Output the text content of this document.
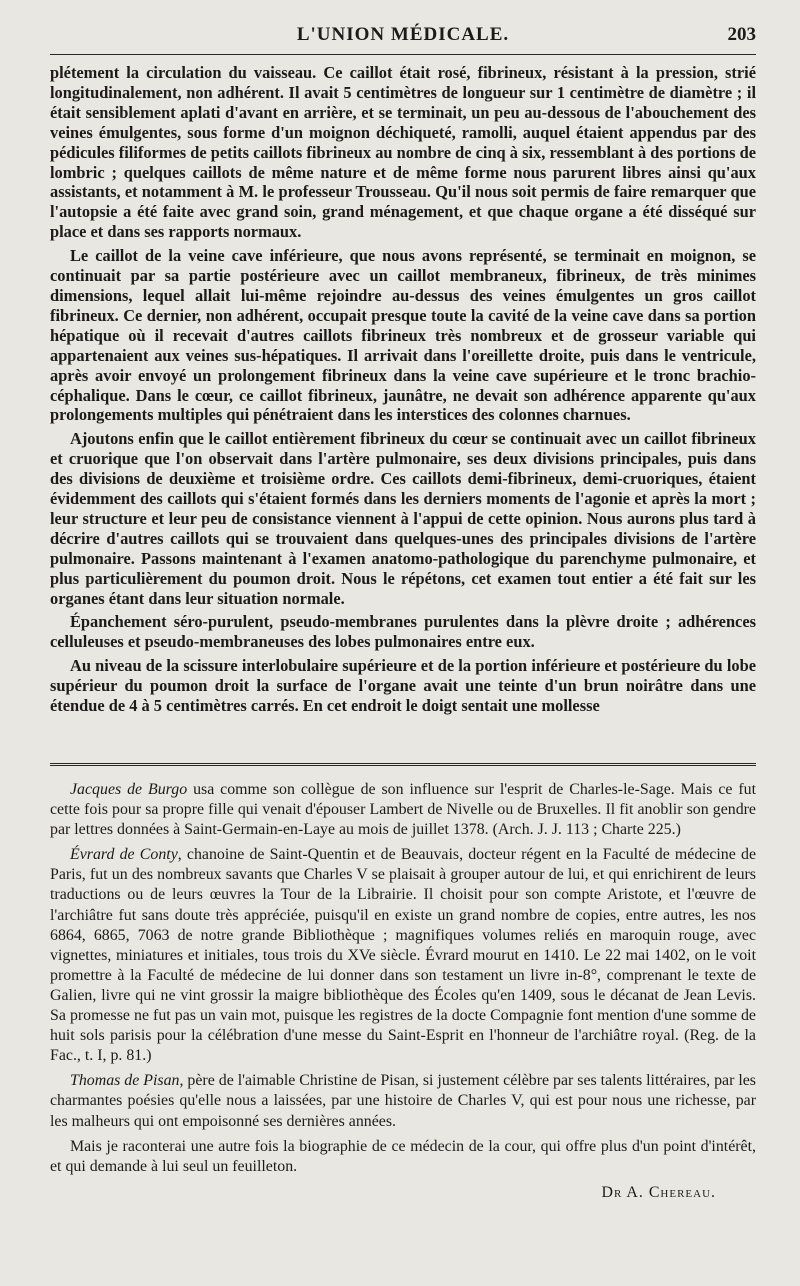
L'UNION MÉDICALE.	203

plétement la circulation du vaisseau. Ce caillot était rosé, fibrineux, résistant à la pression, strié longitudinalement, non adhérent. Il avait 5 centimètres de longueur sur 1 centimètre de diamètre ; il était sensiblement aplati d'avant en arrière, et se terminait, un peu au-dessous de l'abouchement des veines émulgentes, sous forme d'un moignon déchiqueté, ramolli, auquel étaient appendus par des pédicules filiformes de petits caillots fibrineux au nombre de cinq à six, ressemblant à des portions de lombric ; quelques caillots de même nature et de même forme nous parurent libres ainsi qu'aux assistants, et notamment à M. le professeur Trousseau. Qu'il nous soit permis de faire remarquer que l'autopsie a été faite avec grand soin, grand ménagement, et que chaque organe a été disséqué sur place et dans ses rapports normaux.

Le caillot de la veine cave inférieure, que nous avons représenté, se terminait en moignon, se continuait par sa partie postérieure avec un caillot membraneux, fibrineux, de très minimes dimensions, lequel allait lui-même rejoindre au-dessus des veines émulgentes un gros caillot fibrineux. Ce dernier, non adhérent, occupait presque toute la cavité de la veine cave dans sa portion hépatique où il recevait d'autres caillots fibrineux très nombreux et de grosseur variable qui appartenaient aux veines sus-hépatiques. Il arrivait dans l'oreillette droite, puis dans le ventricule, après avoir envoyé un prolongement fibrineux dans la veine cave supérieure et le tronc brachio-céphalique. Dans le cœur, ce caillot fibrineux, jaunâtre, ne devait son adhérence apparente qu'aux prolongements multiples qui pénétraient dans les interstices des colonnes charnues.

Ajoutons enfin que le caillot entièrement fibrineux du cœur se continuait avec un caillot fibrineux et cruorique que l'on observait dans l'artère pulmonaire, ses deux divisions principales, puis dans des divisions de deuxième et troisième ordre. Ces caillots demi-fibrineux, demi-cruoriques, étaient évidemment des caillots qui s'étaient formés dans les derniers moments de l'agonie et après la mort ; leur structure et leur peu de consistance viennent à l'appui de cette opinion. Nous aurons plus tard à décrire d'autres caillots qui se trouvaient dans quelques-unes des principales divisions de l'artère pulmonaire. Passons maintenant à l'examen anatomo-pathologique du parenchyme pulmonaire, et plus particulièrement du poumon droit. Nous le répétons, cet examen tout entier a été fait sur les organes étant dans leur situation normale.

Épanchement séro-purulent, pseudo-membranes purulentes dans la plèvre droite ; adhérences celluleuses et pseudo-membraneuses des lobes pulmonaires entre eux.

Au niveau de la scissure interlobulaire supérieure et de la portion inférieure et postérieure du lobe supérieur du poumon droit la surface de l'organe avait une teinte d'un brun noirâtre dans une étendue de 4 à 5 centimètres carrés. En cet endroit le doigt sentait une mollesse

Jacques de Burgo usa comme son collègue de son influence sur l'esprit de Charles-le-Sage. Mais ce fut cette fois pour sa propre fille qui venait d'épouser Lambert de Nivelle ou de Bruxelles. Il fit anoblir son gendre par lettres données à Saint-Germain-en-Laye au mois de juillet 1378. (Arch. J. J. 113 ; Charte 225.)

Évrard de Conty, chanoine de Saint-Quentin et de Beauvais, docteur régent en la Faculté de médecine de Paris, fut un des nombreux savants que Charles V se plaisait à grouper autour de lui, et qui enrichirent de leurs traductions ou de leurs œuvres la Tour de la Librairie. Il choisit pour son compte Aristote, et l'œuvre de l'archiâtre fut sans doute très appréciée, puisqu'il en existe un grand nombre de copies, entre autres, les nos 6864, 6865, 7063 de notre grande Bibliothèque ; magnifiques volumes reliés en maroquin rouge, avec vignettes, miniatures et initiales, tous trois du XVe siècle. Évrard mourut en 1410. Le 22 mai 1402, on le voit promettre à la Faculté de médecine de lui donner dans son testament un livre in-8°, comprenant le texte de Galien, livre qui ne vint grossir la maigre bibliothèque des Écoles qu'en 1409, sous le décanat de Jean Levis. Sa promesse ne fut pas un vain mot, puisque les registres de la docte Compagnie font mention d'une somme de huit sols parisis pour la célébration d'une messe du Saint-Esprit en l'honneur de l'archiâtre royal. (Reg. de la Fac., t. I, p. 81.)

Thomas de Pisan, père de l'aimable Christine de Pisan, si justement célèbre par ses talents littéraires, par les charmantes poésies qu'elle nous a laissées, par une histoire de Charles V, qui est pour nous une richesse, par les malheurs qui ont empoisonné ses dernières années.

Mais je raconterai une autre fois la biographie de ce médecin de la cour, qui offre plus d'un point d'intérêt, et qui demande à lui seul un feuilleton.

Dr A. Chereau.
